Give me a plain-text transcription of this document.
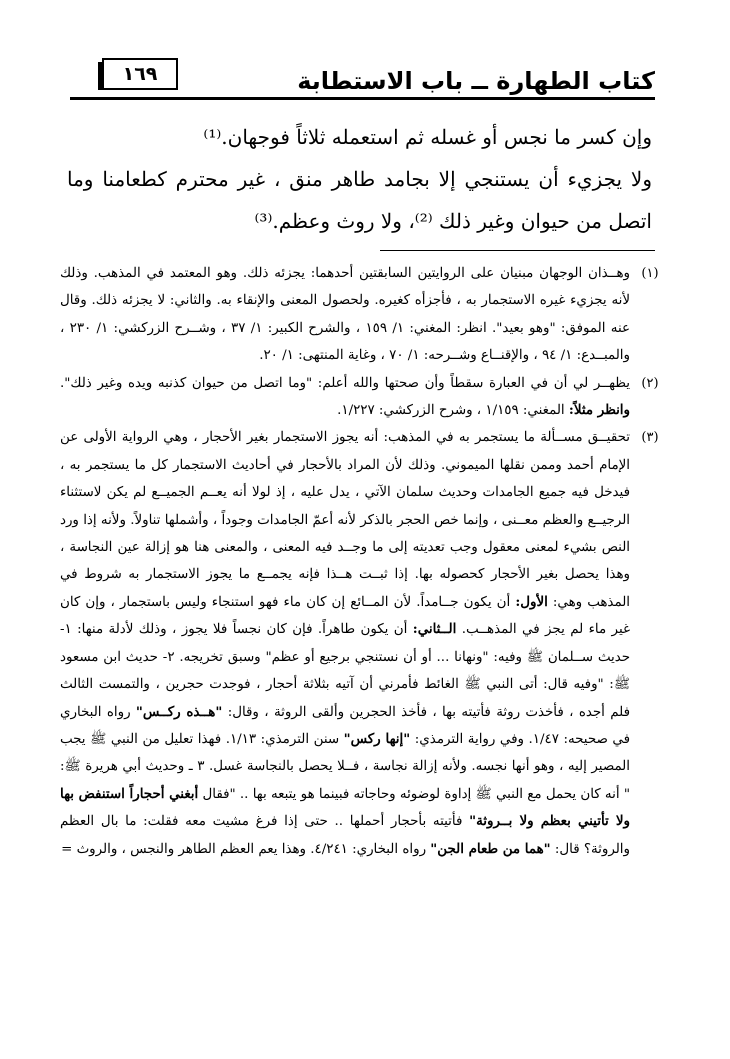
كتاب الطهارة ــ باب الاستطابة
١٦٩

وإن كسر ما نجس أو غسله ثم استعمله ثلاثاً فوجهان.⁽¹⁾

ولا يجزيء أن يستنجي إلا بجامد طاهر منق ، غير محترم كطعامنا وما اتصل من حيوان وغير ذلك ⁽²⁾، ولا روث وعظم.⁽³⁾

(١)
وهــذان الوجهان مبنيان على الروايتين السابقتين أحدهما: يجزئه ذلك. وهو المعتمد في المذهب. وذلك لأنه يجزيء غيره الاستجمار به ، فأجزأه كغيره. ولحصول المعنى والإنقاء به. والثاني: لا يجزئه ذلك. وقال عنه الموفق: "وهو بعيد". انظر: المغني: ١/ ١٥٩ ، والشرح الكبير: ١/ ٣٧ ، وشــرح الزركشي: ١/ ٢٣٠ ، والمبــدع: ١/ ٩٤ ، والإقنــاع وشــرحه: ١/ ٧٠ ، وغاية المنتهى: ١/ ٢٠.
(٢)
يظهــر لي أن في العبارة سقطاً وأن صحتها والله أعلم: "وما اتصل من حيوان كذنبه ويده وغير ذلك". وانظر مثلاً: المغني: ١/١٥٩ ، وشرح الزركشي: ١/٢٢٧.
(٣)
تحقيــق مســألة ما يستجمر به في المذهب: أنه يجوز الاستجمار بغير الأحجار ، وهي الرواية الأولى عن الإمام أحمد وممن نقلها الميموني. وذلك لأن المراد بالأحجار في أحاديث الاستجمار كل ما يستجمر به ، فيدخل فيه جميع الجامدات وحديث سلمان الآتي ، يدل عليه ، إذ لولا أنه يعــم الجميــع لم يكن لاستثناء الرجيــع والعظم معــنى ، وإنما خص الحجر بالذكر لأنه أعمّ الجامدات وجوداً ، وأشملها تناولاً. ولأنه إذا ورد النص بشيء لمعنى معقول وجب تعديته إلى ما وجــد فيه المعنى ، والمعنى هنا هو إزالة عين النجاسة ، وهذا يحصل بغير الأحجار كحصوله بها. إذا ثبــت هــذا فإنه يجمــع ما يجوز الاستجمار به شروط في المذهب وهي: الأول: أن يكون جــامداً. لأن المــائع إن كان ماء فهو استنجاء وليس باستجمار ، وإن كان غير ماء لم يجز في المذهــب. الــثاني: أن يكون طاهراً. فإن كان نجساً فلا يجوز ، وذلك لأدلة منها: ١- حديث ســلمان ﷺ وفيه: "ونهانا ... أو أن نستنجي برجيع أو عظم" وسبق تخريجه. ٢- حديث ابن مسعود ﷺ: "وفيه قال: أتى النبي ﷺ الغائط فأمرني أن آتيه بثلاثة أحجار ، فوجدت حجرين ، والتمست الثالث فلم أجده ، فأخذت روثة فأتيته بها ، فأخذ الحجرين وألقى الروثة ، وقال: "هــذه ركــس" رواه البخاري في صحيحه: ١/٤٧. وفي رواية الترمذي: "إنها ركس" سنن الترمذي: ١/١٣. فهذا تعليل من النبي ﷺ يجب المصير إليه ، وهو أنها نجسه. ولأنه إزالة نجاسة ، فــلا يحصل بالنجاسة غسل. ٣ ـ وحديث أبي هريرة ﷺ: " أنه كان يحمل مع النبي ﷺ إداوة لوضوئه وحاجاته فبينما هو يتبعه بها .. "فقال أبغني أحجاراً استنفض بها ولا تأتيني بعظم ولا بــروثة" فأتيته بأحجار أحملها .. حتى إذا فرغ مشيت معه فقلت: ما بال العظم والروثة؟ قال: "هما من طعام الجن" رواه البخاري: ٤/٢٤١. وهذا يعم العظم الطاهر والنجس ، والروث =
